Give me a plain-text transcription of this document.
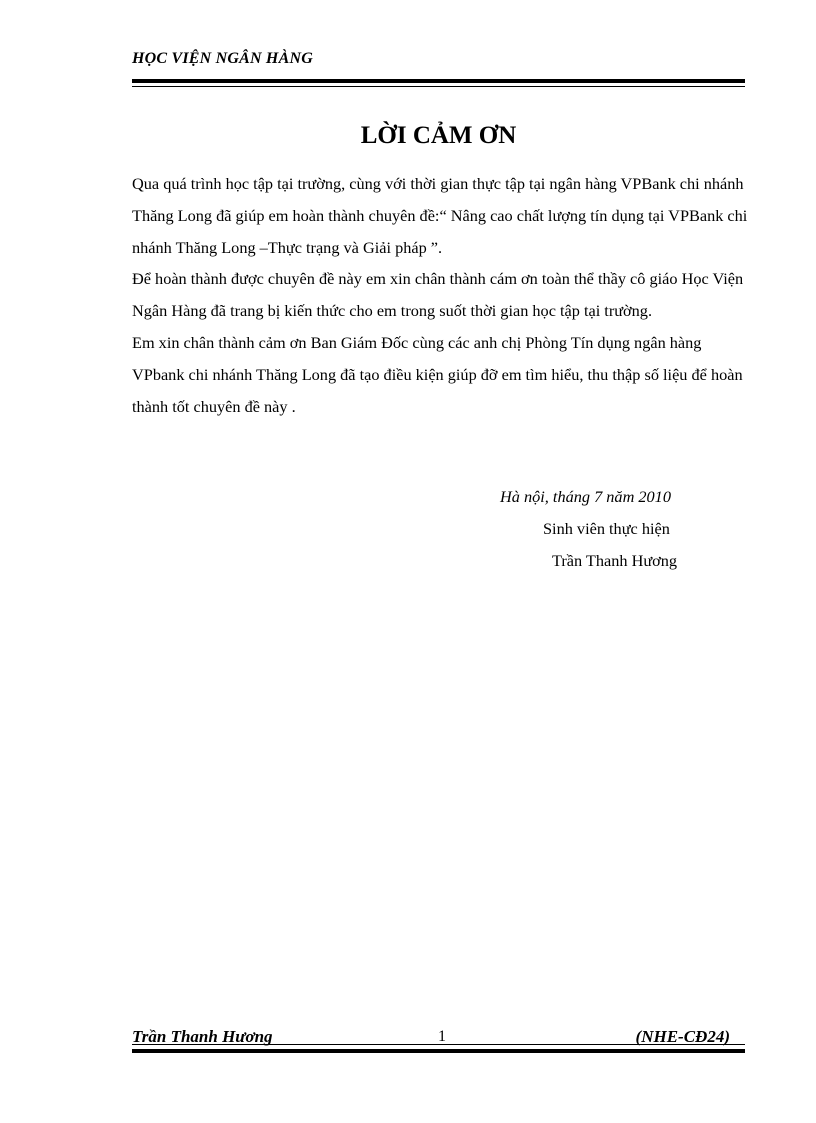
HỌC VIỆN NGÂN HÀNG
LỜI CẢM ƠN

Qua quá trình học tập tại trường, cùng với thời gian thực tập tại ngân hàng VPBank chi nhánh Thăng Long đã giúp em hoàn thành chuyên đề:“ Nâng cao chất lượng tín dụng tại VPBank chi nhánh Thăng Long –Thực trạng và Giải pháp ”.

Để hoàn thành được chuyên đề này em xin chân thành cám ơn toàn thể thầy cô giáo Học Viện Ngân Hàng đã trang bị kiến thức cho em trong suốt thời gian học tập tại trường.

Em xin chân thành cảm ơn Ban Giám Đốc cùng các anh chị Phòng Tín dụng ngân hàng VPbank chi nhánh Thăng Long đã tạo điều kiện giúp đỡ em tìm hiểu, thu thập số liệu để hoàn thành tốt chuyên đề này .

Hà nội, tháng 7 năm 2010
Sinh viên thực hiện
Trần Thanh Hương
Trần Thanh Hương	1	(NHE-CĐ24)
